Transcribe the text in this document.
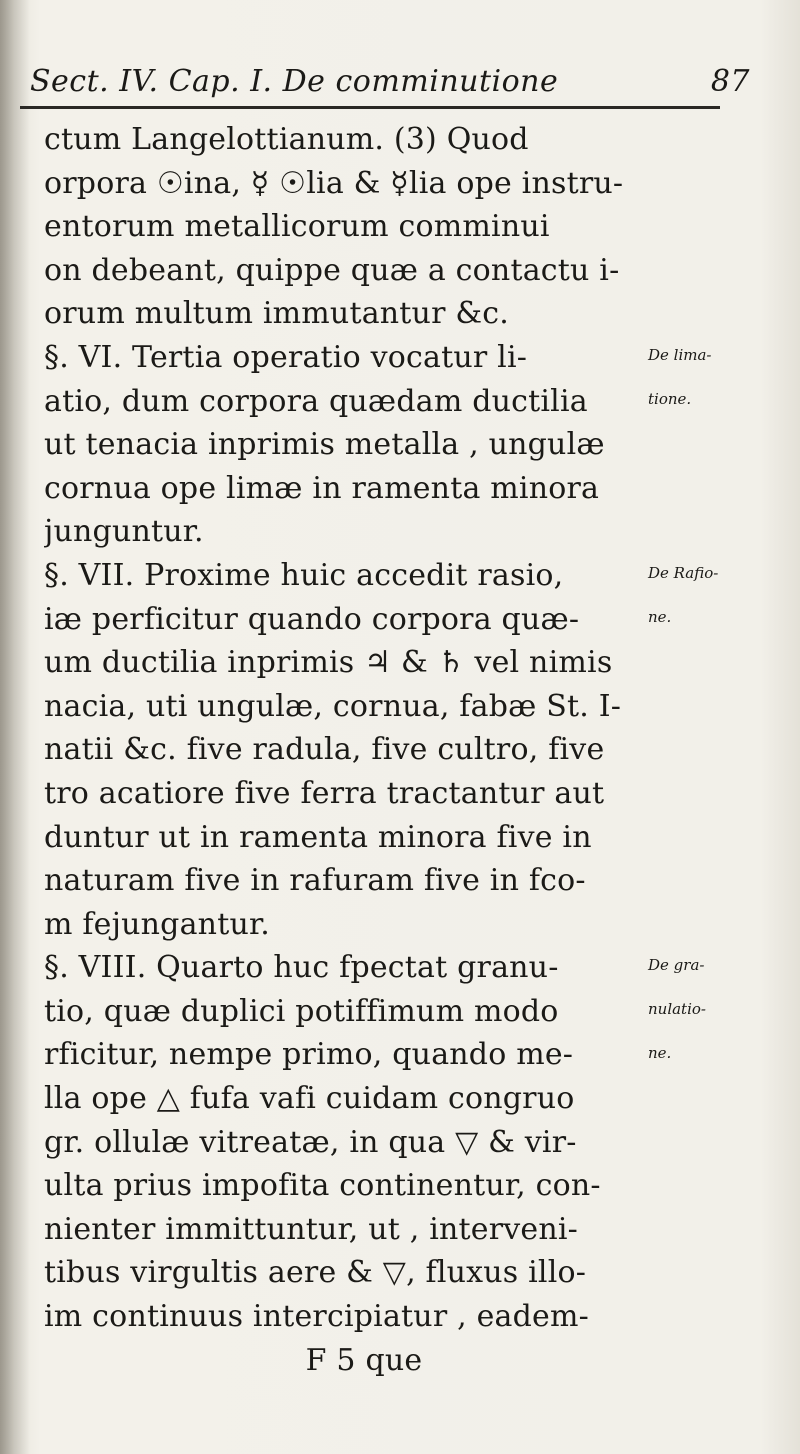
Sect. IV. Cap. I. De comminutione	87
ctum Langelottianum. (3) Quod
orpora ☉ina, ☿ ☉lia & ☿lia ope instru-
entorum metallicorum comminui
on debeant, quippe quæ a contactu i-
orum multum immutantur &c.
§. VI. Tertia operatio vocatur li-
atio, dum corpora quædam ductilia
ut tenacia inprimis metalla , ungulæ
cornua ope limæ in ramenta minora
junguntur.
§. VII. Proxime huic accedit rasio,
iæ perficitur quando corpora quæ-
um ductilia inprimis ♃ & ♄ vel nimis
nacia, uti ungulæ, cornua, fabæ St. I-
natii &c. five radula, five cultro, five
tro acatiore five ferra tractantur aut
duntur ut in ramenta minora five in
naturam five in rafuram five in fco-
m fejungantur.
§. VIII. Quarto huc fpectat granu-
tio, quæ duplici potiffimum modo
rficitur, nempe primo, quando me-
lla ope △ fufa vafi cuidam congruo
gr. ollulæ vitreatæ, in qua ▽ & vir-
ulta prius impofita continentur, con-
nienter immittuntur, ut , interveni-
tibus virgultis aere & ▽, fluxus illo-
im continuus intercipiatur , eadem-
F 5 que
De lima-
tione.
De Rafio-
ne.
De gra-
nulatio-
ne.
